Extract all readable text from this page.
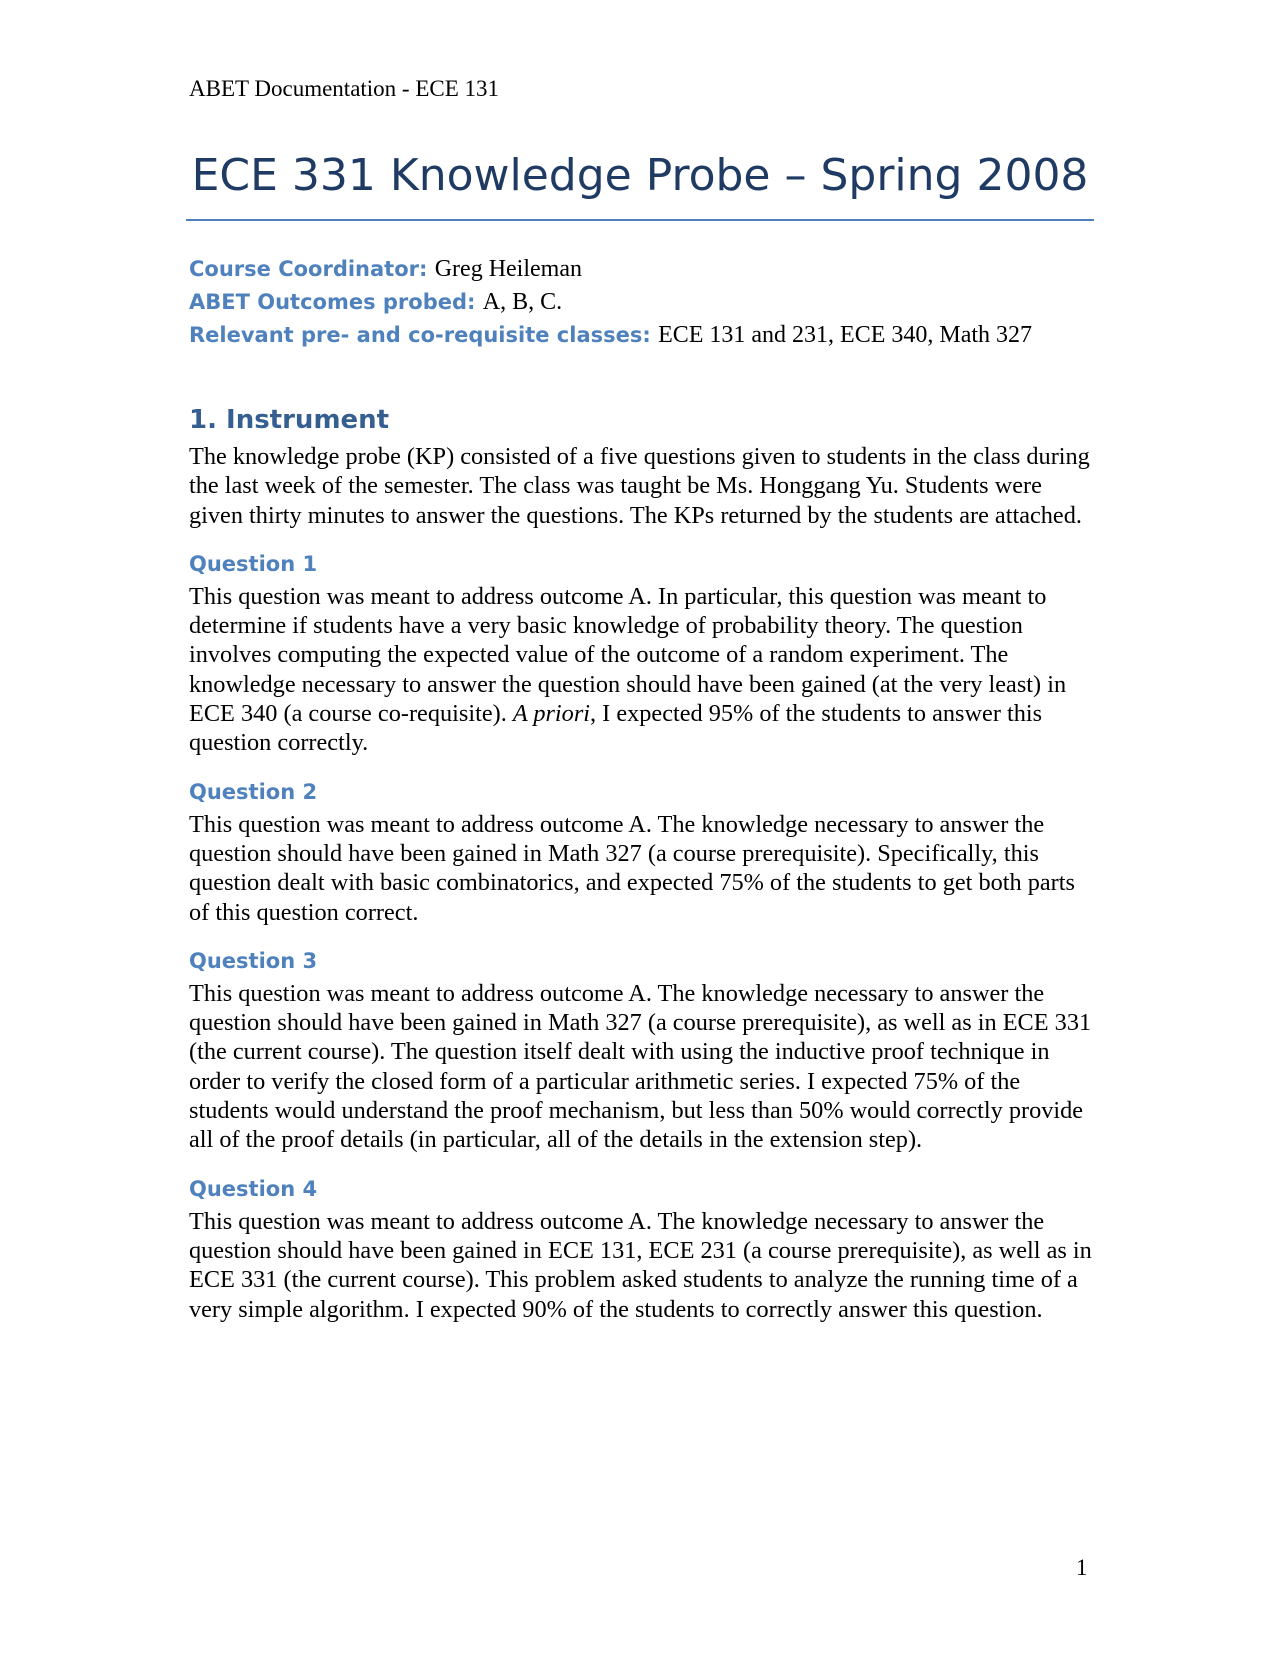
ABET Documentation - ECE 131
ECE 331 Knowledge Probe – Spring 2008
Course Coordinator: Greg Heileman
ABET Outcomes probed: A, B, C.
Relevant pre- and co-requisite classes: ECE 131 and 231, ECE 340, Math 327
1. Instrument

The knowledge probe (KP) consisted of a five questions given to students in the class during the last week of the semester. The class was taught be Ms. Honggang Yu. Students were given thirty minutes to answer the questions. The KPs returned by the students are attached.

Question 1

This question was meant to address outcome A. In particular, this question was meant to determine if students have a very basic knowledge of probability theory. The question involves computing the expected value of the outcome of a random experiment. The knowledge necessary to answer the question should have been gained (at the very least) in ECE 340 (a course co-requisite). A priori, I expected 95% of the students to answer this question correctly.

Question 2

This question was meant to address outcome A. The knowledge necessary to answer the question should have been gained in Math 327 (a course prerequisite). Specifically, this question dealt with basic combinatorics, and expected 75% of the students to get both parts of this question correct.

Question 3

This question was meant to address outcome A. The knowledge necessary to answer the question should have been gained in Math 327 (a course prerequisite), as well as in ECE 331 (the current course). The question itself dealt with using the inductive proof technique in order to verify the closed form of a particular arithmetic series. I expected 75% of the students would understand the proof mechanism, but less than 50% would correctly provide all of the proof details (in particular, all of the details in the extension step).

Question 4

This question was meant to address outcome A. The knowledge necessary to answer the question should have been gained in ECE 131, ECE 231 (a course prerequisite), as well as in ECE 331 (the current course). This problem asked students to analyze the running time of a very simple algorithm. I expected 90% of the students to correctly answer this question.

1
